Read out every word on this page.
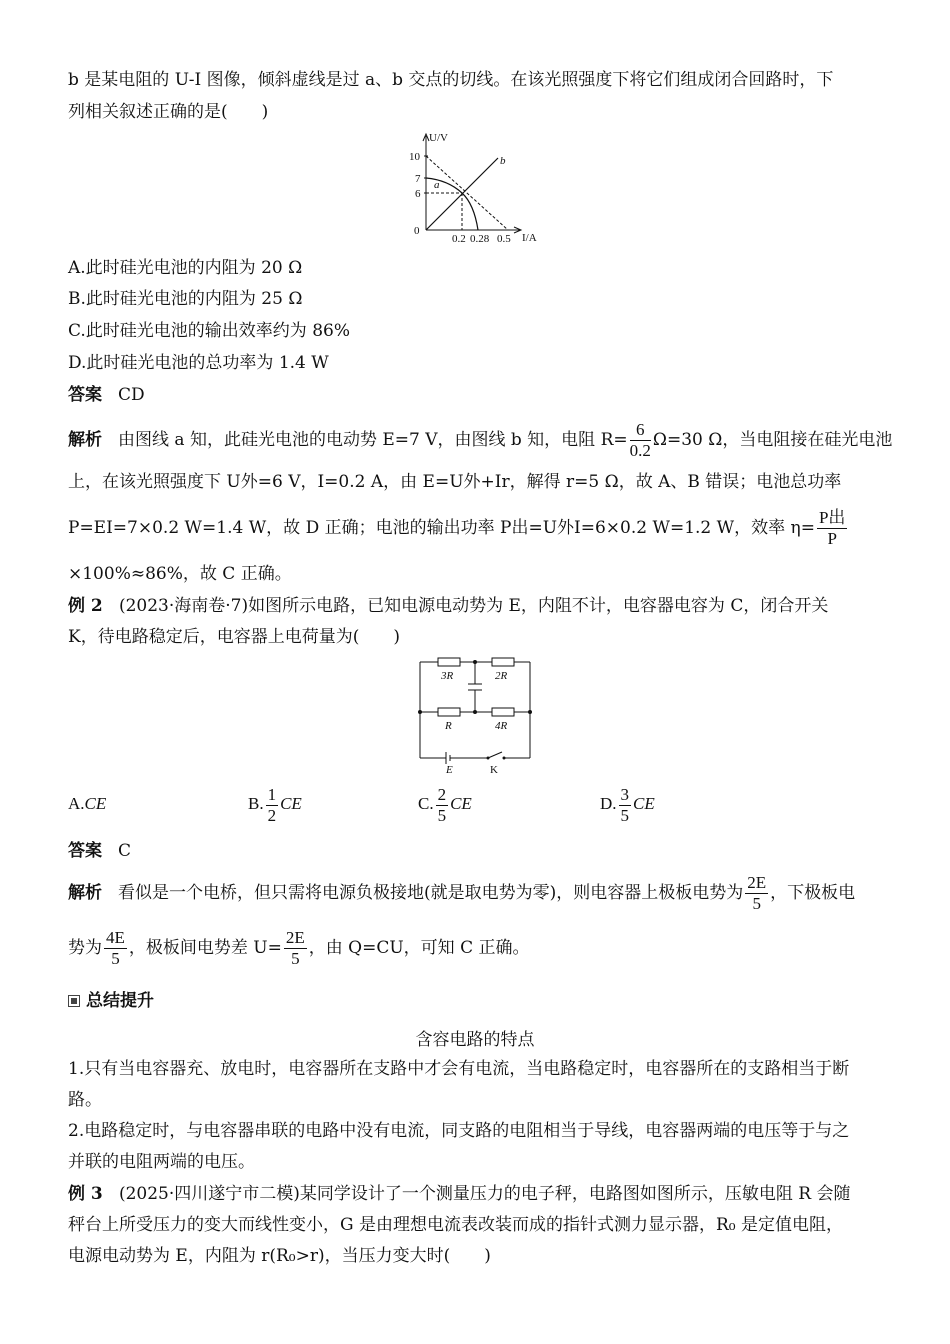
b 是某电阻的 U-I 图像，倾斜虚线是过 a、b 交点的切线。在该光照强度下将它们组成闭合回路时，下
列相关叙述正确的是(　　)
U/V
I/A
0
10
7
6
0.2 0.28 0.5
a
b
A.此时硅光电池的内阻为 20 Ω
B.此时硅光电池的内阻为 25 Ω
C.此时硅光电池的输出效率约为 86%
D.此时硅光电池的总功率为 1.4 W
答案 CD
解析 由图线 a 知，此硅光电池的电动势 E=7 V，由图线 b 知，电阻 $R= \frac{6}{0.2} \Omega=30$ Ω，当电阻接在硅光电池
上，在该光照强度下 U外=6 V，I=0.2 A，由 E=U外+Ir，解得 r=5 Ω，故 A、B 错误；电池总功率
P=EI=7×0.2 W=1.4 W，故 D 正确；电池的输出功率 P出=U外I=6×0.2 W=1.2 W，效率 $\eta= \frac{\text{P出}}{P}$
×100%≈86%，故 C 正确。
例 2 (2023·海南卷·7)如图所示电路，已知电源电动势为 E，内阻不计，电容器电容为 C，闭合开关
K，待电路稳定后，电容器上电荷量为(　　)
3R	2R
R	4R
E	K
A.CE	B. $\frac{1}{2}$ CE	C. $\frac{2}{5}$ CE	D. $\frac{3}{5}$ CE
答案 C
解析 看似是一个电桥，但只需将电源负极接地(就是取电势为零)，则电容器上极板电势为 $\frac{2E}{5}$ ，下极板电
势为 $\frac{4E}{5}$ ，极板间电势差 $U= \frac{2E}{5}$ ，由 Q=CU，可知 C 正确。
总结提升
含容电路的特点
1.只有当电容器充、放电时，电容器所在支路中才会有电流，当电路稳定时，电容器所在的支路相当于断
路。
2.电路稳定时，与电容器串联的电路中没有电流，同支路的电阻相当于导线，电容器两端的电压等于与之
并联的电阻两端的电压。
例 3 (2025·四川遂宁市二模)某同学设计了一个测量压力的电子秤，电路图如图所示，压敏电阻 R 会随
秤台上所受压力的变大而线性变小，G 是由理想电流表改装而成的指针式测力显示器，R₀ 是定值电阻，
电源电动势为 E，内阻为 r(R₀>r)，当压力变大时(　　)
